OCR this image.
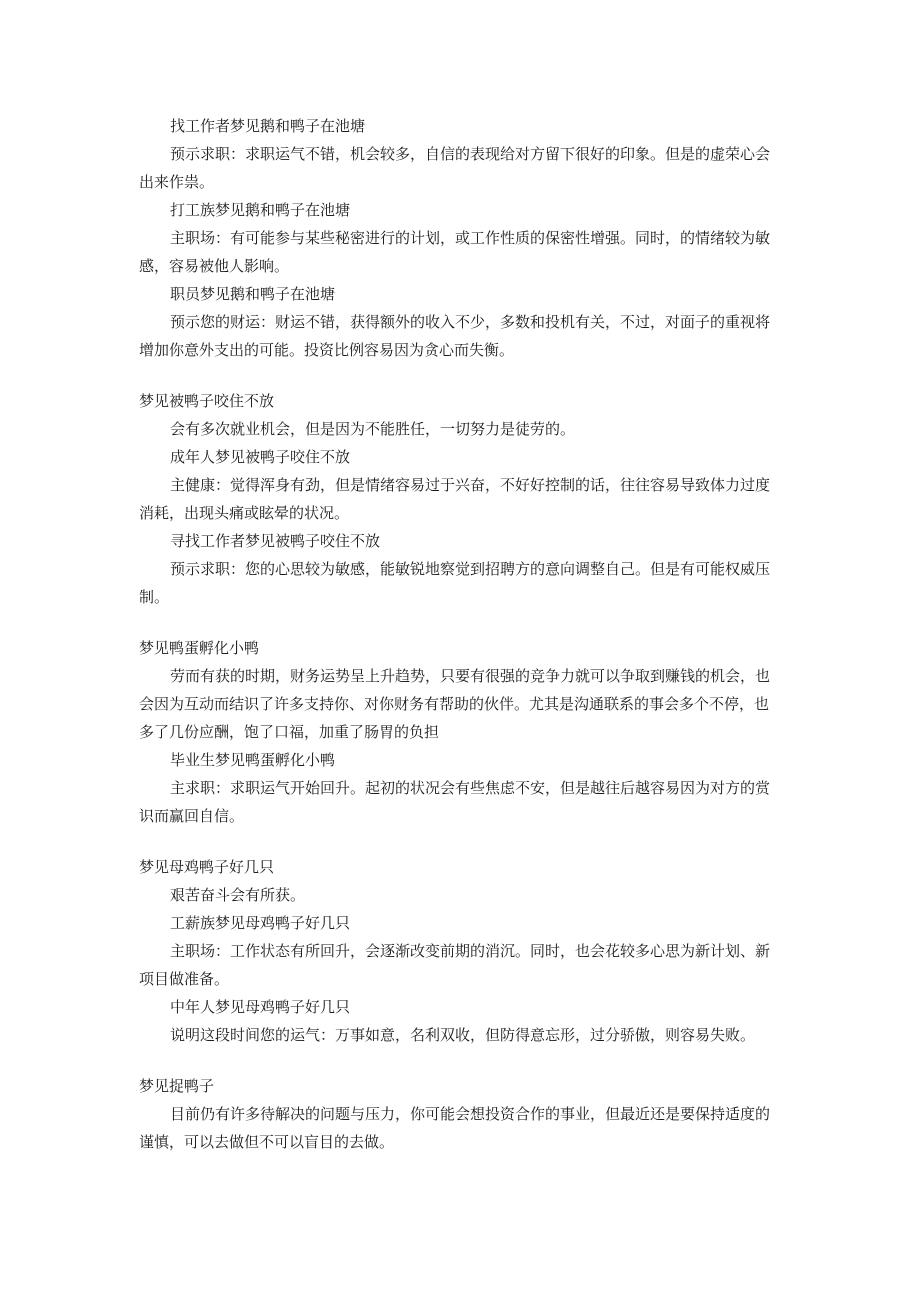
找工作者梦见鹅和鸭子在池塘

预示求职：求职运气不错，机会较多，自信的表现给对方留下很好的印象。但是的虚荣心会出来作祟。

打工族梦见鹅和鸭子在池塘

主职场：有可能参与某些秘密进行的计划，或工作性质的保密性增强。同时，的情绪较为敏感，容易被他人影响。

职员梦见鹅和鸭子在池塘

预示您的财运：财运不错，获得额外的收入不少，多数和投机有关，不过，对面子的重视将增加你意外支出的可能。投资比例容易因为贪心而失衡。

梦见被鸭子咬住不放

会有多次就业机会，但是因为不能胜任，一切努力是徒劳的。

成年人梦见被鸭子咬住不放

主健康：觉得浑身有劲，但是情绪容易过于兴奋，不好好控制的话，往往容易导致体力过度消耗，出现头痛或眩晕的状况。

寻找工作者梦见被鸭子咬住不放

预示求职：您的心思较为敏感，能敏锐地察觉到招聘方的意向调整自己。但是有可能权威压制。

梦见鸭蛋孵化小鸭

劳而有获的时期，财务运势呈上升趋势，只要有很强的竞争力就可以争取到赚钱的机会，也会因为互动而结识了许多支持你、对你财务有帮助的伙伴。尤其是沟通联系的事会多个不停，也多了几份应酬，饱了口福，加重了肠胃的负担

毕业生梦见鸭蛋孵化小鸭

主求职：求职运气开始回升。起初的状况会有些焦虑不安，但是越往后越容易因为对方的赏识而赢回自信。

梦见母鸡鸭子好几只

艰苦奋斗会有所获。

工薪族梦见母鸡鸭子好几只

主职场：工作状态有所回升，会逐渐改变前期的消沉。同时，也会花较多心思为新计划、新项目做准备。

中年人梦见母鸡鸭子好几只

说明这段时间您的运气：万事如意，名利双收，但防得意忘形，过分骄傲，则容易失败。

梦见捉鸭子

目前仍有许多待解决的问题与压力，你可能会想投资合作的事业，但最近还是要保持适度的谨慎，可以去做但不可以盲目的去做。
